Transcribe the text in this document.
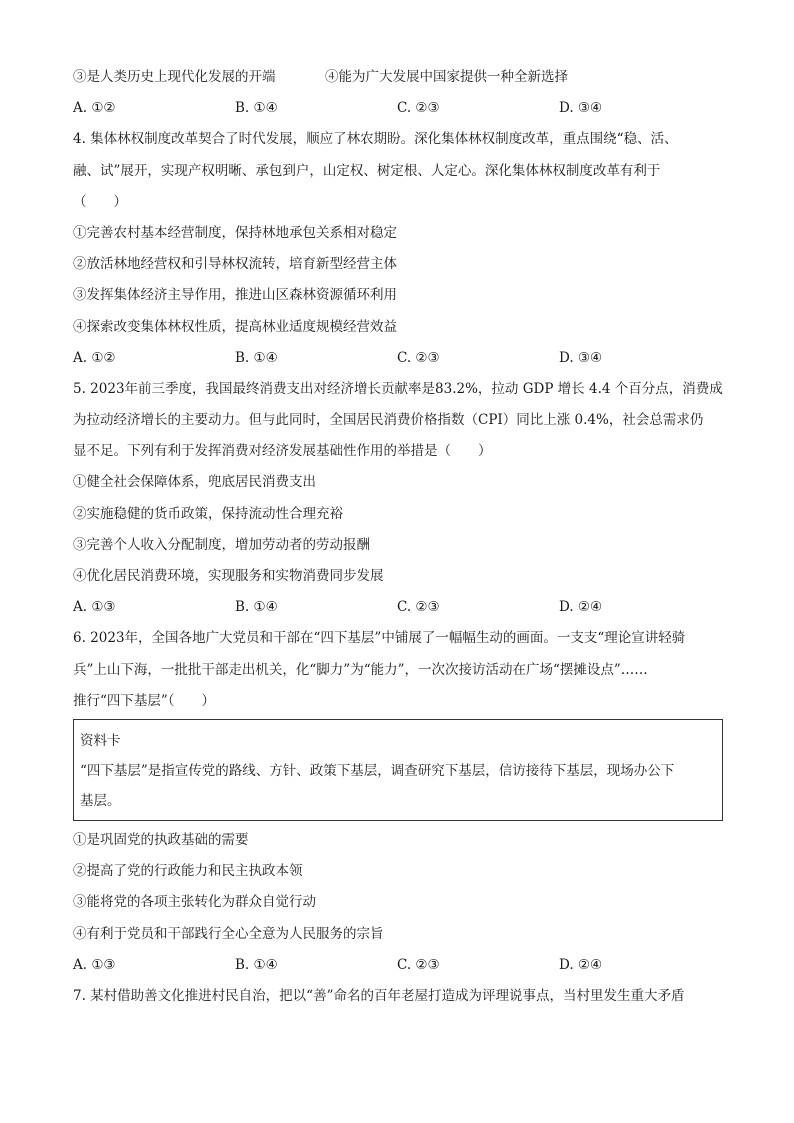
③是人类历史上现代化发展的开端	④能为广大发展中国家提供一种全新选择
A. ①②	B. ①④	C. ②③	D. ③④
4. 集体林权制度改革契合了时代发展，顺应了林农期盼。深化集体林权制度改革，重点围绕“稳、活、
融、试”展开，实现产权明晰、承包到户，山定权、树定根、人定心。深化集体林权制度改革有利于
（　　）
①完善农村基本经营制度，保持林地承包关系相对稳定
②放活林地经营权和引导林权流转，培育新型经营主体
③发挥集体经济主导作用，推进山区森林资源循环利用
④探索改变集体林权性质，提高林业适度规模经营效益
A. ①②	B. ①④	C. ②③	D. ③④
5. 2023年前三季度，我国最终消费支出对经济增长贡献率是83.2%，拉动 GDP 增长 4.4 个百分点，消费成
为拉动经济增长的主要动力。但与此同时，全国居民消费价格指数（CPI）同比上涨 0.4%，社会总需求仍
显不足。下列有利于发挥消费对经济发展基础性作用的举措是（　　）
①健全社会保障体系，兜底居民消费支出
②实施稳健的货币政策，保持流动性合理充裕
③完善个人收入分配制度，增加劳动者的劳动报酬
④优化居民消费环境，实现服务和实物消费同步发展
A. ①③	B. ①④	C. ②③	D. ②④
6. 2023年，全国各地广大党员和干部在“四下基层”中铺展了一幅幅生动的画面。一支支“理论宣讲轻骑
兵”上山下海，一批批干部走出机关，化“脚力”为“能力”，一次次接访活动在广场“摆摊设点”……
推行“四下基层”（　　）
资料卡
“四下基层”是指宣传党的路线、方针、政策下基层，调查研究下基层，信访接待下基层，现场办公下
基层。
①是巩固党的执政基础的需要
②提高了党的行政能力和民主执政本领
③能将党的各项主张转化为群众自觉行动
④有利于党员和干部践行全心全意为人民服务的宗旨
A. ①③	B. ①④	C. ②③	D. ②④
7. 某村借助善文化推进村民自治，把以“善”命名的百年老屋打造成为评理说事点，当村里发生重大矛盾
